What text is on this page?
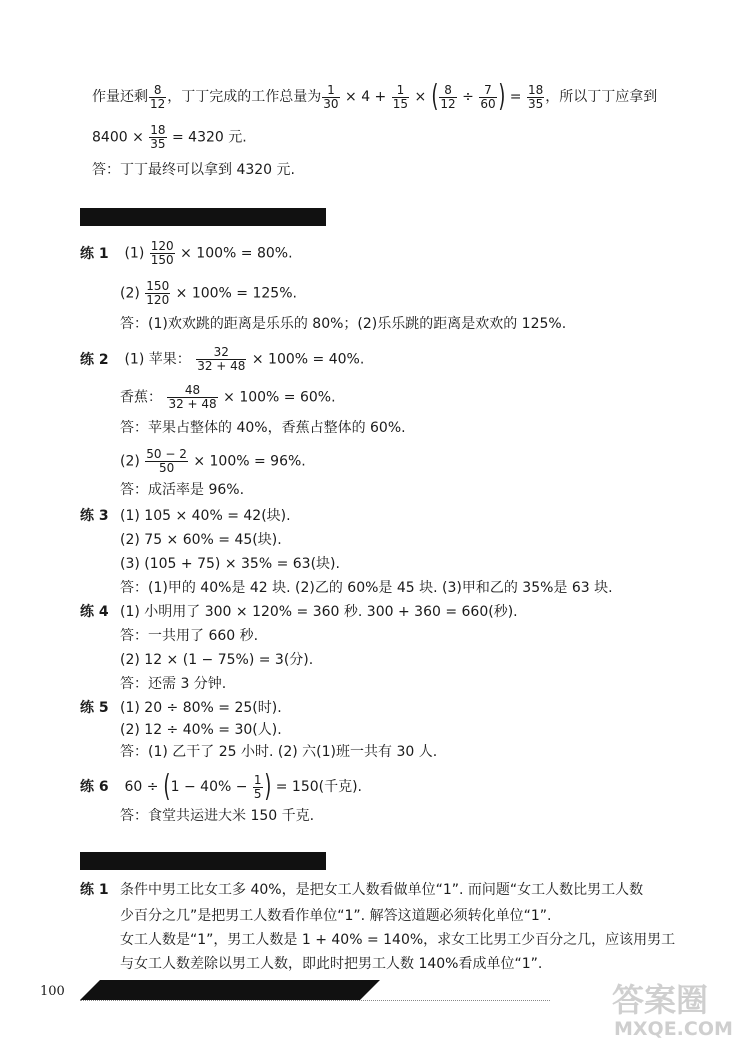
作量还剩 $\frac{8}{12}$ ，丁丁完成的工作总量为 $\frac{1}{30} \times 4 + \frac{1}{15}$ × ( $\frac{8}{12} \div \frac{7}{60}$ ) = $\frac{18}{35}$ ，所以丁丁应拿到
$8400 \times \frac{18}{35} = 4320$ 元.
答：丁丁最终可以拿到 4320 元.
练 1 $(1) \frac{120}{150} \times 100\% = 80\%$.
$(2) \frac{150}{120} \times 100\% = 125\%$.
答：(1)欢欢跳的距离是乐乐的 80%；(2)乐乐跳的距离是欢欢的 125%.
练 2 (1) 苹果： $\frac{32}{32 + 48} \times 100\% = 40\%$.
香蕉： $\frac{48}{32 + 48} \times 100\% = 60\%$.
答：苹果占整体的 40%，香蕉占整体的 60%.
$(2) \frac{50 - 2}{50} \times 100\% = 96\%$.
答：成活率是 96%.
练 3 (1) 105 × 40% = 42(块).
(2) 75 × 60% = 45(块).
(3) (105 + 75) × 35% = 63(块).
答：(1)甲的 40%是 42 块. (2)乙的 60%是 45 块. (3)甲和乙的 35%是 63 块.
练 4 (1) 小明用了 300 × 120% = 360 秒. 300 + 360 = 660(秒).
答：一共用了 660 秒.
(2) 12 × (1 − 75%) = 3(分).
答：还需 3 分钟.
练 5 (1) 20 ÷ 80% = 25(时).
(2) 12 ÷ 40% = 30(人).
答：(1) 乙干了 25 小时. (2) 六(1)班一共有 30 人.
练 6 $60 \div (1 - 40\% - \frac{1}{5}$ ) = 150(千克).
答：食堂共运进大米 150 千克.
练 1 条件中男工比女工多 40%，是把女工人数看做单位“1”. 而问题“女工人数比男工人数
少百分之几”是把男工人数看作单位“1”. 解答这道题必须转化单位“1”.
女工人数是“1”，男工人数是 1 + 40% = 140%，求女工比男工少百分之几，应该用男工
与女工人数差除以男工人数，即此时把男工人数 140%看成单位“1”.
100	答案圈
MXQE.COM
